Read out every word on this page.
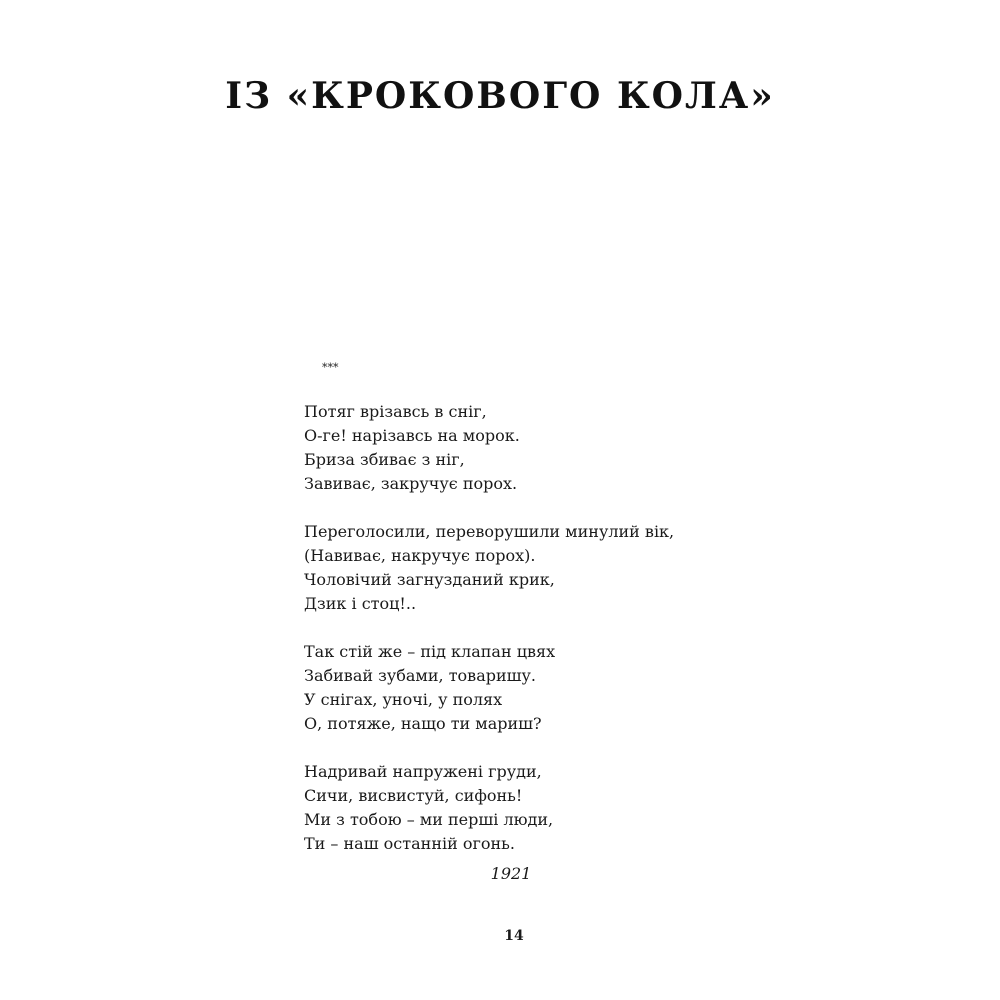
ІЗ «КРОКОВОГО КОЛА»
***
Потяг врізавсь в сніг,
О-ге! нарізавсь на морок.
Бриза збиває з ніг,
Завиває, закручує порох.
Переголосили, переворушили минулий вік,
(Навиває, накручує порох).
Чоловічий загнузданий крик,
Дзик і стоц!..
Так стій же – під клапан цвях
Забивай зубами, товаришу.
У снігах, уночі, у полях
О, потяже, нащо ти мариш?
Надривай напружені груди,
Сичи, висвистуй, сифонь!
Ми з тобою – ми перші люди,
Ти – наш останній огонь.
1921
14
